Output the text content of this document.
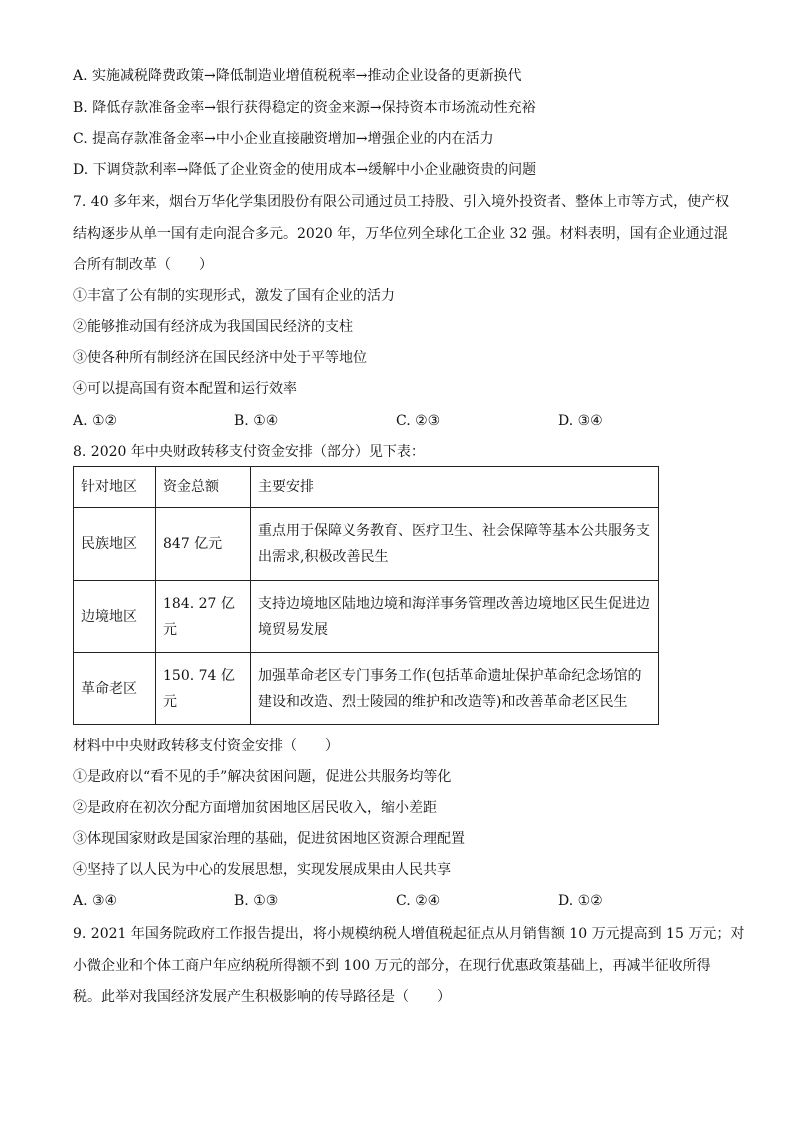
A. 实施减税降费政策→降低制造业增值税税率→推动企业设备的更新换代
B. 降低存款准备金率→银行获得稳定的资金来源→保持资本市场流动性充裕
C. 提高存款准备金率→中小企业直接融资增加→增强企业的内在活力
D. 下调贷款利率→降低了企业资金的使用成本→缓解中小企业融资贵的问题
7. 40 多年来，烟台万华化学集团股份有限公司通过员工持股、引入境外投资者、整体上市等方式，使产权
结构逐步从单一国有走向混合多元。2020 年，万华位列全球化工企业 32 强。材料表明，国有企业通过混
合所有制改革（　　）
①丰富了公有制的实现形式，激发了国有企业的活力
②能够推动国有经济成为我国国民经济的支柱
③使各种所有制经济在国民经济中处于平等地位
④可以提高国有资本配置和运行效率
A. ①②	B. ①④	C. ②③	D. ③④
8. 2020 年中央财政转移支付资金安排（部分）见下表：
针对地区	资金总额	主要安排
民族地区	847 亿元	重点用于保障义务教育、医疗卫生、社会保障等基本公共服务支出需求,积极改善民生
边境地区	184. 27 亿元	支持边境地区陆地边境和海洋事务管理改善边境地区民生促进边境贸易发展
革命老区	150. 74 亿元	加强革命老区专门事务工作(包括革命遗址保护革命纪念场馆的建设和改造、烈士陵园的维护和改造等)和改善革命老区民生
材料中中央财政转移支付资金安排（　　）
①是政府以“看不见的手”解决贫困问题，促进公共服务均等化
②是政府在初次分配方面增加贫困地区居民收入，缩小差距
③体现国家财政是国家治理的基础，促进贫困地区资源合理配置
④坚持了以人民为中心的发展思想，实现发展成果由人民共享
A. ③④	B. ①③	C. ②④	D. ①②
9. 2021 年国务院政府工作报告提出，将小规模纳税人增值税起征点从月销售额 10 万元提高到 15 万元；对
小微企业和个体工商户年应纳税所得额不到 100 万元的部分，在现行优惠政策基础上，再减半征收所得
税。此举对我国经济发展产生积极影响的传导路径是（　　）
